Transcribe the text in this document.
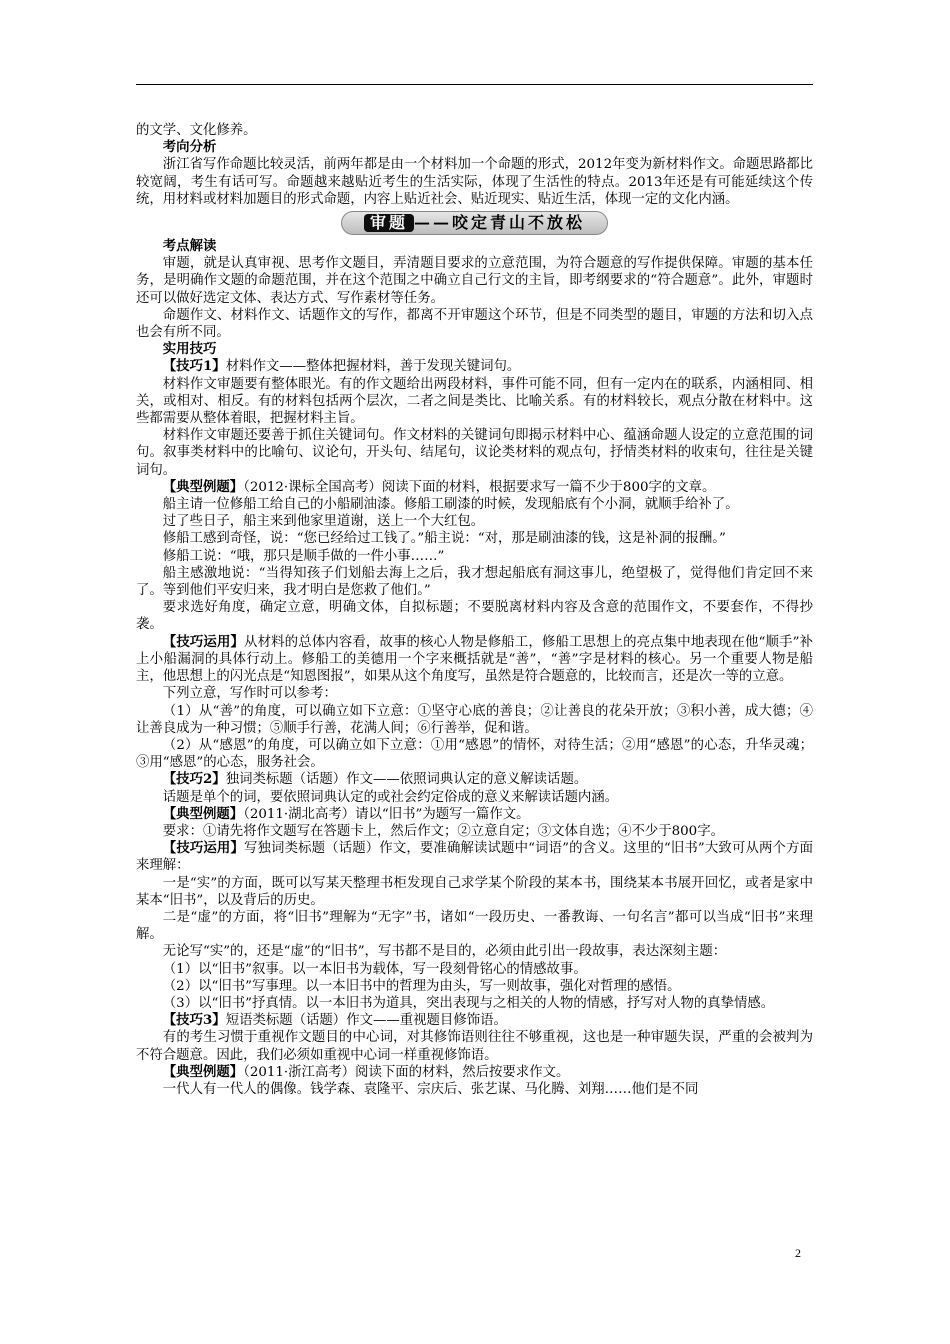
的文学、文化修养。

考向分析

浙江省写作命题比较灵活，前两年都是由一个材料加一个命题的形式，2012年变为新材料作文。命题思路都比较宽阔，考生有话可写。命题越来越贴近考生的生活实际，体现了生活性的特点。2013年还是有可能延续这个传统，用材料或材料加题目的形式命题，内容上贴近社会、贴近现实、贴近生活，体现一定的文化内涵。

审题 ——咬定青山不放松

考点解读

审题，就是认真审视、思考作文题目，弄清题目要求的立意范围，为符合题意的写作提供保障。审题的基本任务，是明确作文题的命题范围，并在这个范围之中确立自己行文的主旨，即考纲要求的“符合题意”。此外，审题时还可以做好选定文体、表达方式、写作素材等任务。

命题作文、材料作文、话题作文的写作，都离不开审题这个环节，但是不同类型的题目，审题的方法和切入点也会有所不同。

实用技巧

【技巧1】材料作文——整体把握材料，善于发现关键词句。

材料作文审题要有整体眼光。有的作文题给出两段材料，事件可能不同，但有一定内在的联系，内涵相同、相关，或相对、相反。有的材料包括两个层次，二者之间是类比、比喻关系。有的材料较长，观点分散在材料中。这些都需要从整体着眼，把握材料主旨。

材料作文审题还要善于抓住关键词句。作文材料的关键词句即揭示材料中心、蕴涵命题人设定的立意范围的词句。叙事类材料中的比喻句、议论句，开头句、结尾句，议论类材料的观点句，抒情类材料的收束句，往往是关键词句。

【典型例题】（2012·课标全国高考）阅读下面的材料，根据要求写一篇不少于800字的文章。

船主请一位修船工给自己的小船刷油漆。修船工刷漆的时候，发现船底有个小洞，就顺手给补了。

过了些日子，船主来到他家里道谢，送上一个大红包。

修船工感到奇怪，说：“您已经给过工钱了。”船主说：“对，那是刷油漆的钱，这是补洞的报酬。”

修船工说：“哦，那只是顺手做的一件小事……”

船主感激地说：“当得知孩子们划船去海上之后，我才想起船底有洞这事儿，绝望极了，觉得他们肯定回不来了。等到他们平安归来，我才明白是您救了他们。”

要求选好角度，确定立意，明确文体，自拟标题；不要脱离材料内容及含意的范围作文，不要套作，不得抄袭。

【技巧运用】从材料的总体内容看，故事的核心人物是修船工，修船工思想上的亮点集中地表现在他“顺手”补上小船漏洞的具体行动上。修船工的美德用一个字来概括就是“善”，“善”字是材料的核心。另一个重要人物是船主，他思想上的闪光点是“知恩图报”，如果从这个角度写，虽然是符合题意的，比较而言，还是次一等的立意。

下列立意，写作时可以参考：

（1）从“善”的角度，可以确立如下立意：①坚守心底的善良；②让善良的花朵开放；③积小善，成大德；④让善良成为一种习惯；⑤顺手行善，花满人间；⑥行善举，促和谐。

（2）从“感恩”的角度，可以确立如下立意：①用“感恩”的情怀，对待生活；②用“感恩”的心态，升华灵魂；③用“感恩”的心态，服务社会。

【技巧2】独词类标题（话题）作文——依照词典认定的意义解读话题。

话题是单个的词，要依照词典认定的或社会约定俗成的意义来解读话题内涵。

【典型例题】（2011·湖北高考）请以“旧书”为题写一篇作文。

要求：①请先将作文题写在答题卡上，然后作文；②立意自定；③文体自选；④不少于800字。

【技巧运用】写独词类标题（话题）作文，要准确解读试题中“词语”的含义。这里的“旧书”大致可从两个方面来理解：

一是“实”的方面，既可以写某天整理书柜发现自己求学某个阶段的某本书，围绕某本书展开回忆，或者是家中某本“旧书”，以及背后的历史。

二是“虚”的方面，将“旧书”理解为“无字”书，诸如“一段历史、一番教诲、一句名言”都可以当成“旧书”来理解。

无论写“实”的，还是“虚”的“旧书”，写书都不是目的，必须由此引出一段故事，表达深刻主题：

（1）以“旧书”叙事。以一本旧书为载体，写一段刻骨铭心的情感故事。

（2）以“旧书”写事理。以一本旧书中的哲理为由头，写一则故事，强化对哲理的感悟。

（3）以“旧书”抒真情。以一本旧书为道具，突出表现与之相关的人物的情感，抒写对人物的真挚情感。

【技巧3】短语类标题（话题）作文——重视题目修饰语。

有的考生习惯于重视作文题目的中心词，对其修饰语则往往不够重视，这也是一种审题失误，严重的会被判为不符合题意。因此，我们必须如重视中心词一样重视修饰语。

【典型例题】（2011·浙江高考）阅读下面的材料，然后按要求作文。

一代人有一代人的偶像。钱学森、袁隆平、宗庆后、张艺谋、马化腾、刘翔……他们是不同

2
